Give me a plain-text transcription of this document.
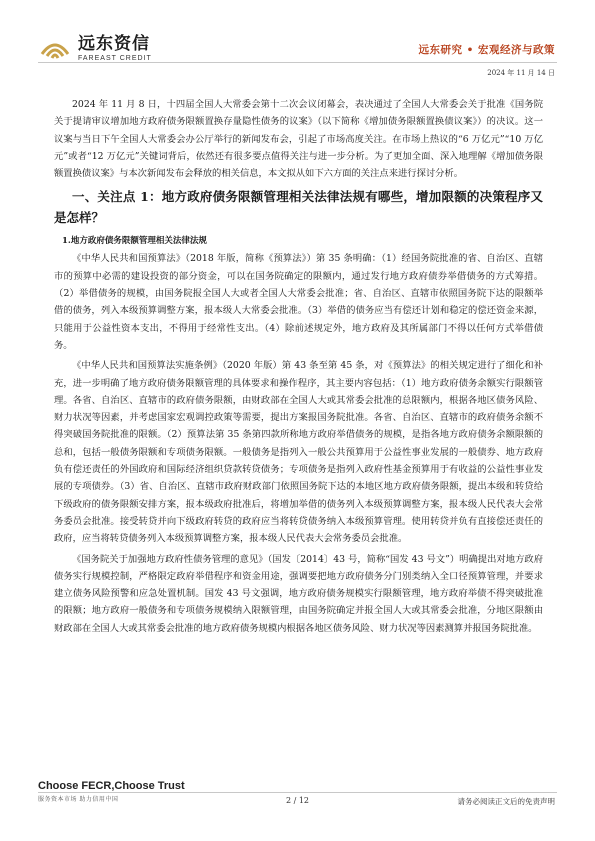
远东资信
FAREAST CREDIT
远东研究 • 宏观经济与政策
2024 年 11 月 14 日

2024 年 11 月 8 日，十四届全国人大常委会第十二次会议闭幕会，表决通过了全国人大常委会关于批准《国务院关于提请审议增加地方政府债务限额置换存量隐性债务的议案》（以下简称《增加债务限额置换债议案》）的决议。这一议案与当日下午全国人大常委会办公厅举行的新闻发布会，引起了市场高度关注。在市场上热议的“6 万亿元”“10 万亿元”或者“12 万亿元”关键词背后，依然还有很多要点值得关注与进一步分析。为了更加全面、深入地理解《增加债务限额置换债议案》与本次新闻发布会释放的相关信息，本文拟从如下六方面的关注点来进行探讨分析。

一、关注点 1：地方政府债务限额管理相关法律法规有哪些，增加限额的决策程序又是怎样？
1.地方政府债务限额管理相关法律法规

《中华人民共和国预算法》（2018 年版，简称《预算法》）第 35 条明确：（1）经国务院批准的省、自治区、直辖市的预算中必需的建设投资的部分资金，可以在国务院确定的限额内，通过发行地方政府债券举借债务的方式筹措。（2）举借债务的规模，由国务院报全国人大或者全国人大常委会批准；省、自治区、直辖市依照国务院下达的限额举借的债务，列入本级预算调整方案，报本级人大常委会批准。（3）举借的债务应当有偿还计划和稳定的偿还资金来源，只能用于公益性资本支出，不得用于经常性支出。（4）除前述规定外，地方政府及其所属部门不得以任何方式举借债务。

《中华人民共和国预算法实施条例》（2020 年版）第 43 条至第 45 条，对《预算法》的相关规定进行了细化和补充，进一步明确了地方政府债务限额管理的具体要求和操作程序，其主要内容包括：（1）地方政府债务余额实行限额管理。各省、自治区、直辖市的政府债务限额，由财政部在全国人大或其常委会批准的总限额内，根据各地区债务风险、财力状况等因素，并考虑国家宏观调控政策等需要，提出方案报国务院批准。各省、自治区、直辖市的政府债务余额不得突破国务院批准的限额。（2）预算法第 35 条第四款所称地方政府举借债务的规模，是指各地方政府债务余额限额的总和，包括一般债务限额和专项债务限额。一般债务是指列入一般公共预算用于公益性事业发展的一般债券、地方政府负有偿还责任的外国政府和国际经济组织贷款转贷债务；专项债务是指列入政府性基金预算用于有收益的公益性事业发展的专项债券。（3）省、自治区、直辖市政府财政部门依照国务院下达的本地区地方政府债务限额，提出本级和转贷给下级政府的债务限额安排方案，报本级政府批准后，将增加举借的债务列入本级预算调整方案，报本级人民代表大会常务委员会批准。接受转贷并向下级政府转贷的政府应当将转贷债务纳入本级预算管理。使用转贷并负有直接偿还责任的政府，应当将转贷债务列入本级预算调整方案，报本级人民代表大会常务委员会批准。

《国务院关于加强地方政府性债务管理的意见》（国发〔2014〕43 号，简称“国发 43 号文”）明确提出对地方政府债务实行规模控制，严格限定政府举借程序和资金用途，强调要把地方政府债务分门别类纳入全口径预算管理，并要求建立债务风险预警和应急处置机制。国发 43 号文强调，地方政府债务规模实行限额管理，地方政府举债不得突破批准的限额；地方政府一般债务和专项债务规模纳入限额管理，由国务院确定并报全国人大或其常委会批准，分地区限额由财政部在全国人大或其常委会批准的地方政府债务规模内根据各地区债务风险、财力状况等因素测算并报国务院批准。

Choose FECR,Choose Trust
服务资本市场 助力信用中国	2 / 12	请务必阅读正文后的免责声明
